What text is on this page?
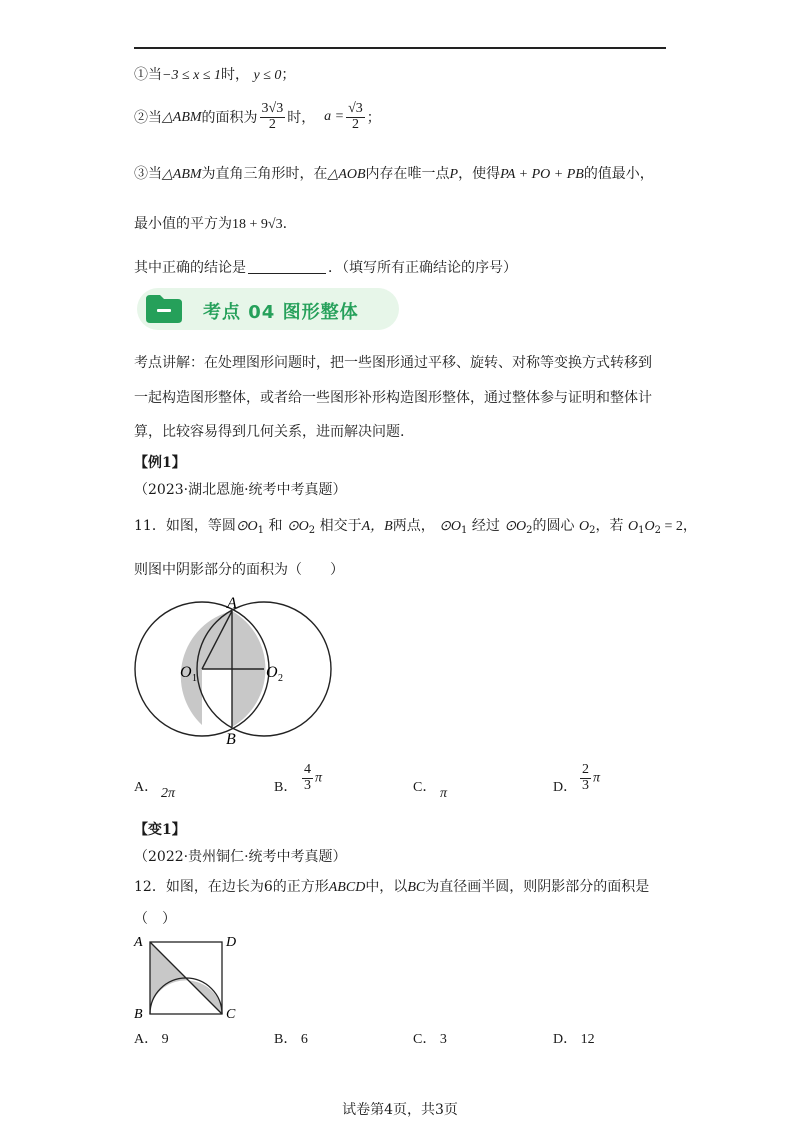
①当−3 ≤ x ≤ 1时， y ≤ 0；
②当 △ABM 的面积为 $\frac{3√3}{2}$ 时，
$a = \frac{√3}{2}$ ；
③当△ABM为直角三角形时，在△AOB内存在唯一点P，使得PA + PO + PB的值最小，
最小值的平方为18 + 9√3.
其中正确的结论是	．（填写所有正确结论的序号）
考点 04 图形整体
考点讲解：在处理图形问题时，把一些图形通过平移、旋转、对称等变换方式转移到
一起构造图形整体，或者给一些图形补形构造图形整体，通过整体参与证明和整体计
算，比较容易得到几何关系，进而解决问题.
【例1】
（2023·湖北恩施·统考中考真题）
11．如图，等圆$⊙O_1$ 和 $⊙O_2$ 相交于A，B两点， $⊙O_1$ 经过 $⊙O_2$的圆心 $O_2$，若 $O_1O_2 = 2$，
则图中阴影部分的面积为（　　）
A
B
O 1	O 2
A． 2π	B． $\frac{4}{3}$ π
C． π	D． $\frac{2}{3}$ π
【变1】
（2022·贵州铜仁·统考中考真题）
12．如图，在边长为6的正方形ABCD中，以BC为直径画半圆，则阴影部分的面积是
（　）
A	D
B	C
A． 9	B． 6	C． 3	D． 12
试卷第4页，共3页
